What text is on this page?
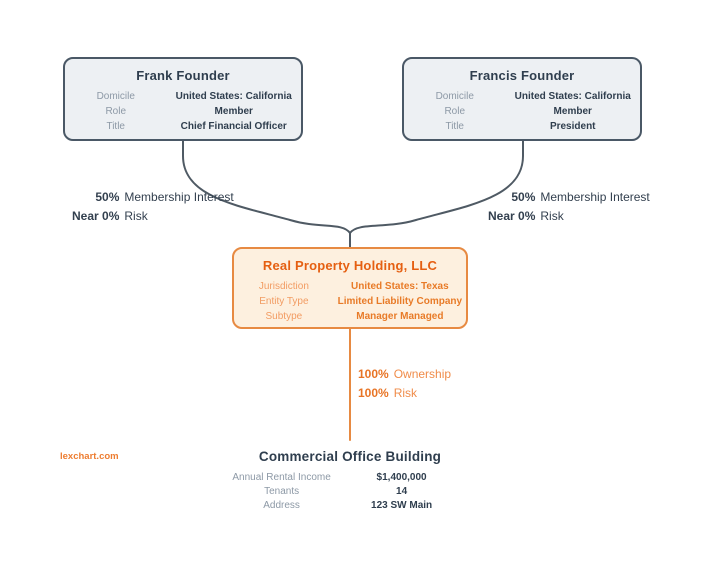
Frank Founder
Domicile	United States: California
Role	Member
Title	Chief Financial Officer
Francis Founder
Domicile	United States: California
Role	Member
Title	President
50% Membership Interest
Near 0% Risk
50% Membership Interest
Near 0% Risk
Real Property Holding, LLC
Jurisdiction	United States: Texas
Entity Type	Limited Liability Company
Subtype	Manager Managed
100% Ownership
100% Risk
Commercial Office Building
Annual Rental Income	$1,400,000
Tenants	14
Address	123 SW Main
lexchart.com
